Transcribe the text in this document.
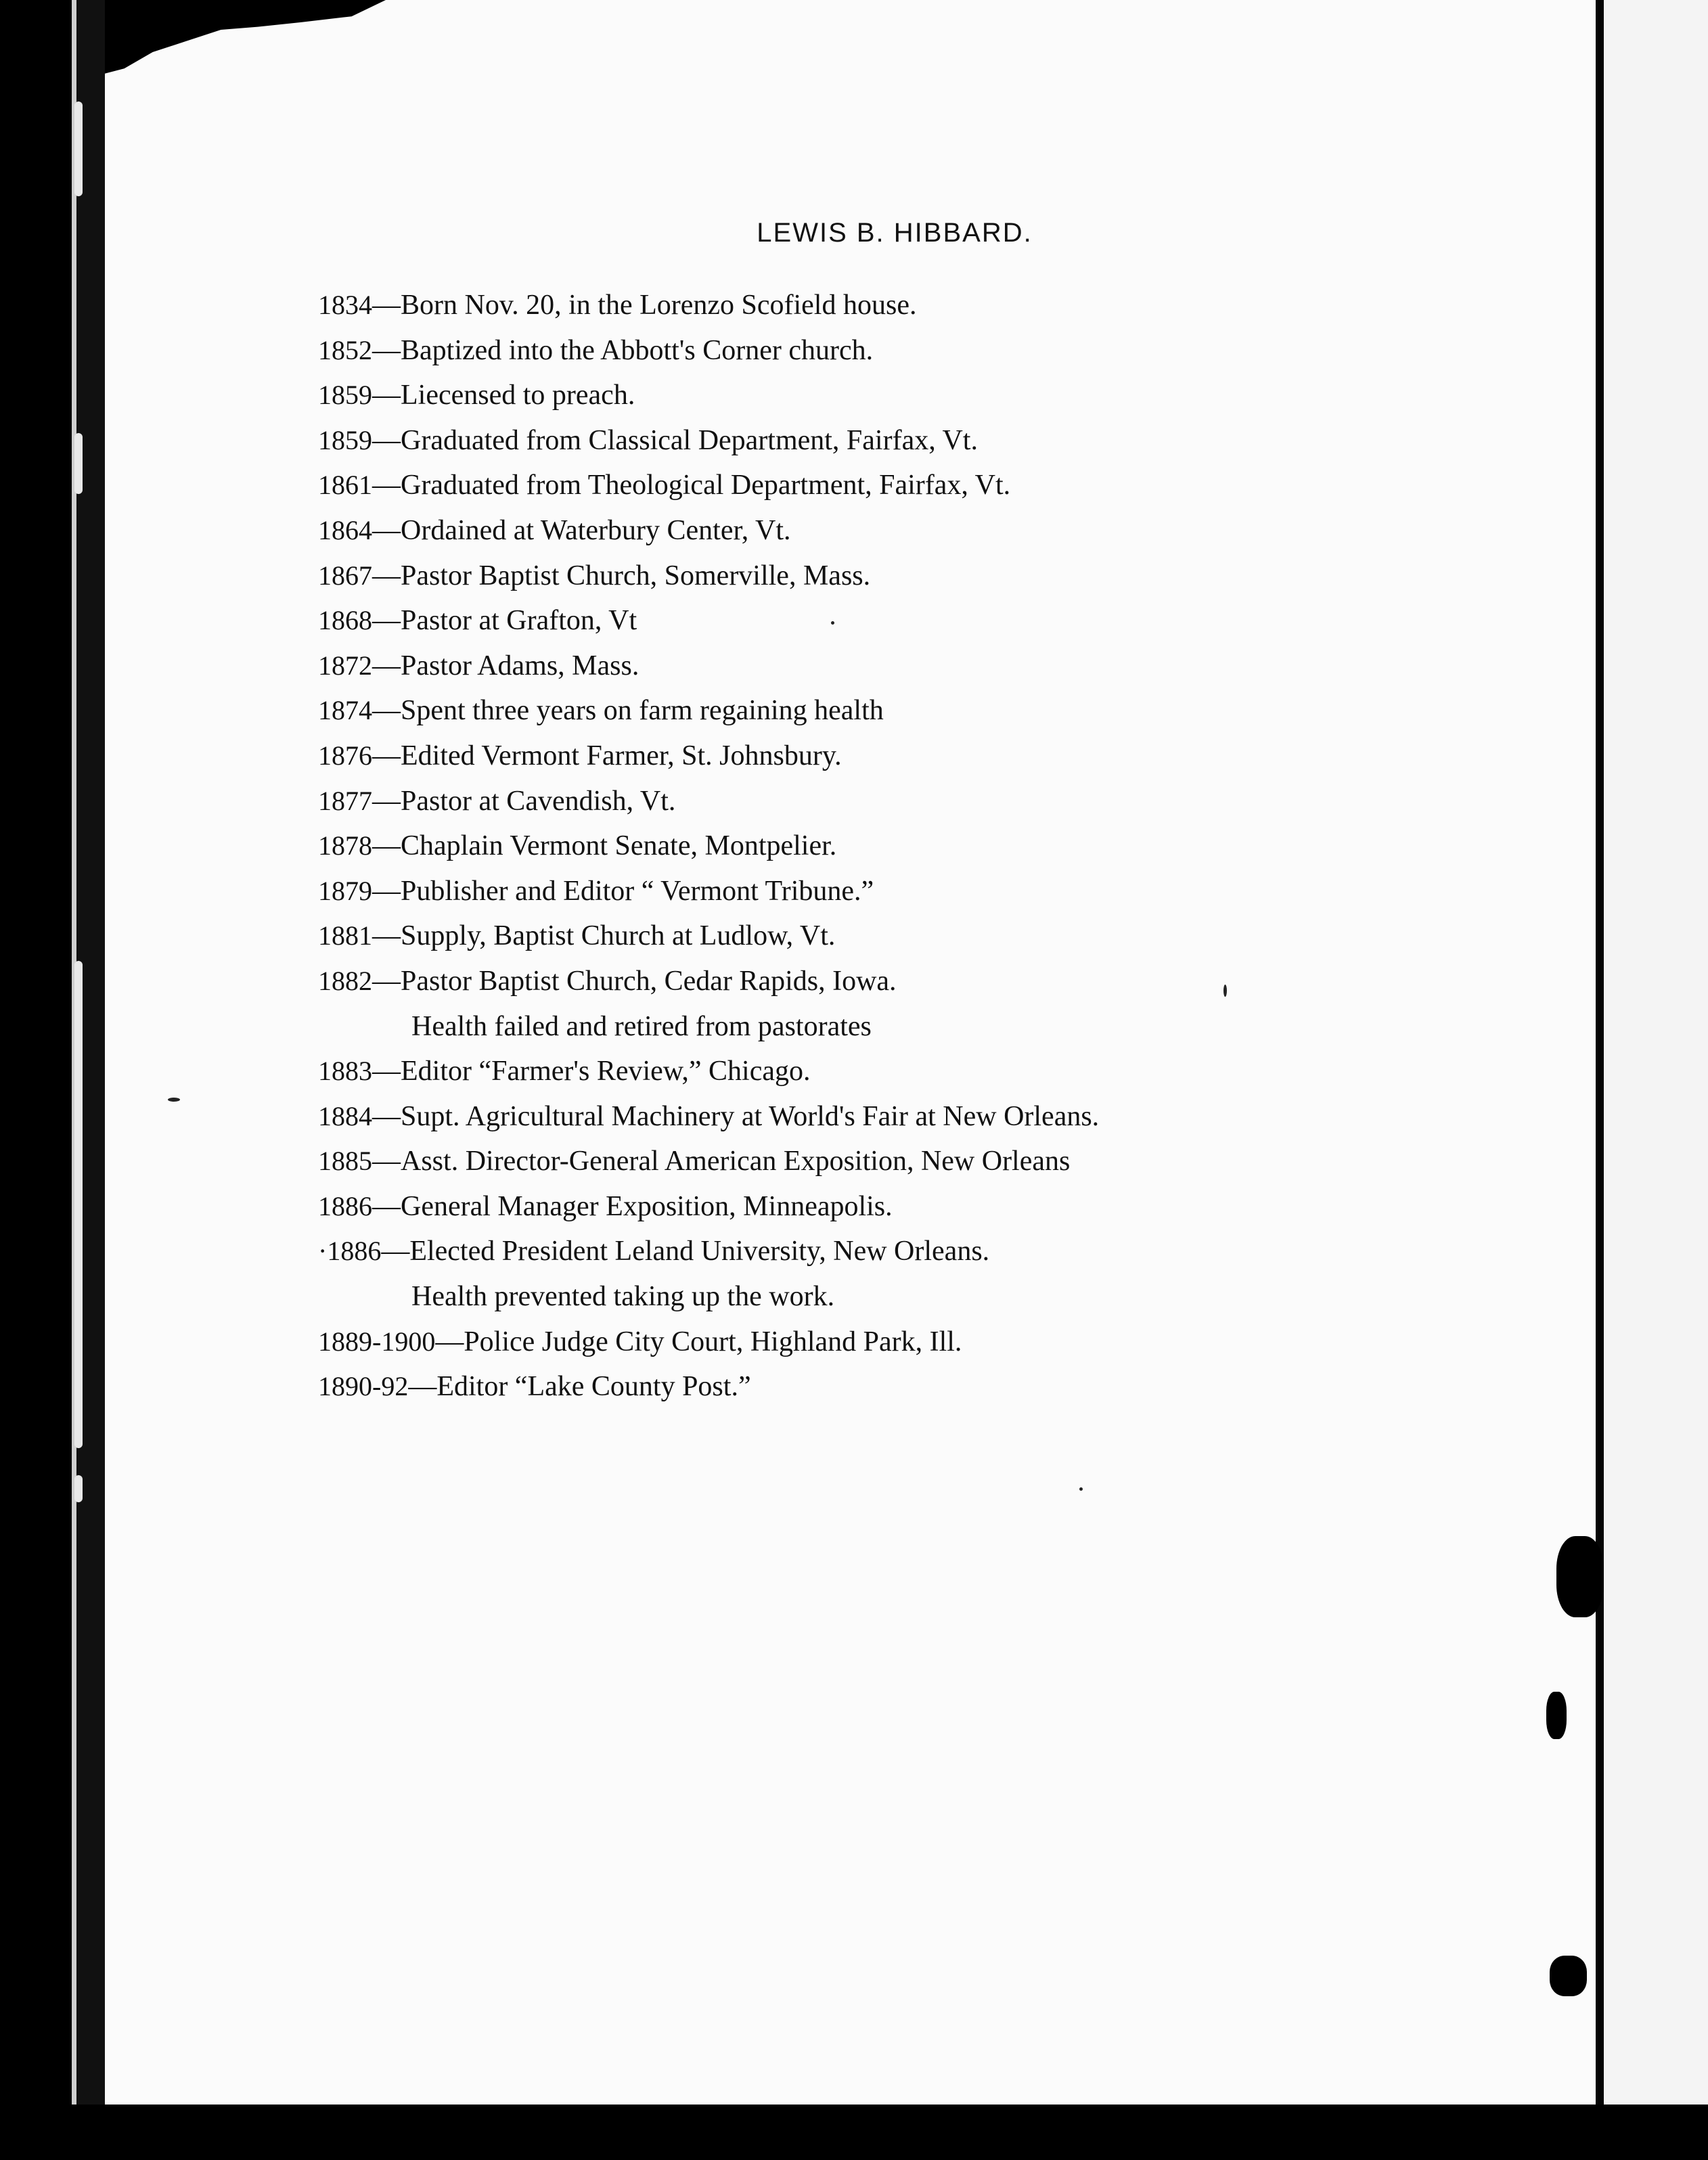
LEWIS B. HIBBARD.
1834—Born Nov. 20, in the Lorenzo Scofield house.
1852—Baptized into the Abbott's Corner church.
1859—Liecensed to preach.
1859—Graduated from Classical Department, Fairfax, Vt.
1861—Graduated from Theological Department, Fairfax, Vt.
1864—Ordained at Waterbury Center, Vt.
1867—Pastor Baptist Church, Somerville, Mass.
1868—Pastor at Grafton, Vt
1872—Pastor Adams, Mass.
1874—Spent three years on farm regaining health
1876—Edited Vermont Farmer, St. Johnsbury.
1877—Pastor at Cavendish, Vt.
1878—Chaplain Vermont Senate, Montpelier.
1879—Publisher and Editor “ Vermont Tribune.”
1881—Supply, Baptist Church at Ludlow, Vt.
1882—Pastor Baptist Church, Cedar Rapids, Iowa.
Health failed and retired from pastorates
1883—Editor “Farmer's Review,” Chicago.
1884—Supt. Agricultural Machinery at World's Fair at New Orleans.
1885—Asst. Director-General American Exposition, New Orleans
1886—General Manager Exposition, Minneapolis.
·1886—Elected President Leland University, New Orleans.
Health prevented taking up the work.
1889-1900—Police Judge City Court, Highland Park, Ill.
1890-92—Editor “Lake County Post.”
